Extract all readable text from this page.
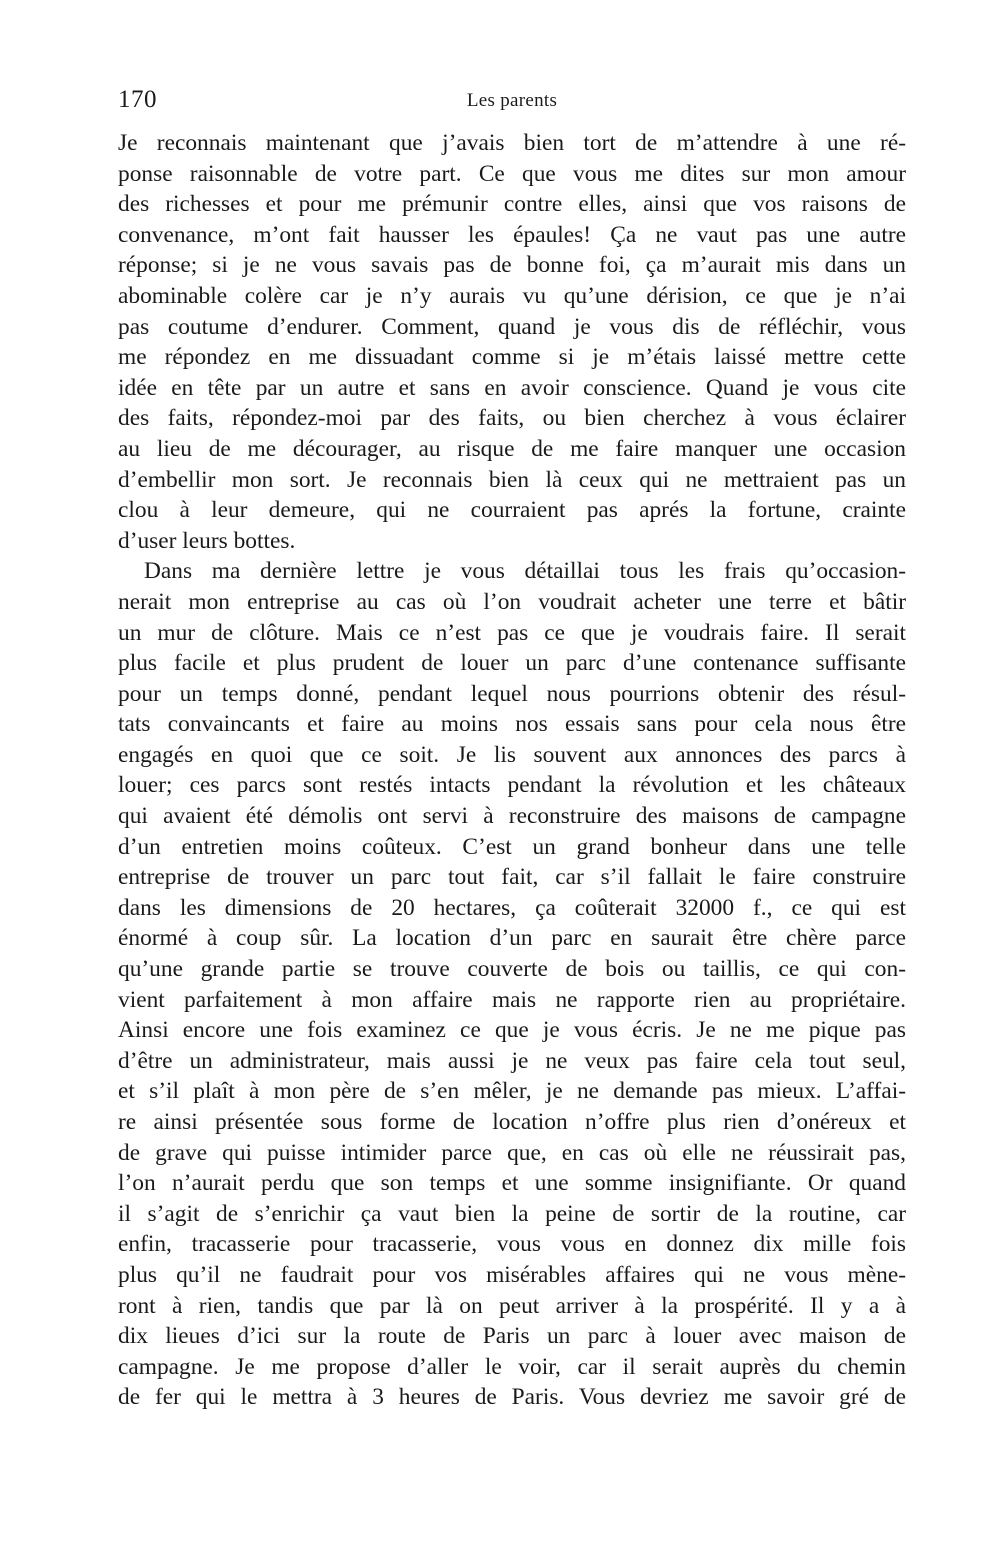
170	Les parents

Je reconnais maintenant que j’avais bien tort de m’attendre à une ré-
ponse raisonnable de votre part. Ce que vous me dites sur mon amour
des richesses et pour me prémunir contre elles, ainsi que vos raisons de
convenance, m’ont fait hausser les épaules! Ça ne vaut pas une autre
réponse; si je ne vous savais pas de bonne foi, ça m’aurait mis dans un
abominable colère car je n’y aurais vu qu’une dérision, ce que je n’ai
pas coutume d’endurer. Comment, quand je vous dis de réfléchir, vous
me répondez en me dissuadant comme si je m’étais laissé mettre cette
idée en tête par un autre et sans en avoir conscience. Quand je vous cite
des faits, répondez-moi par des faits, ou bien cherchez à vous éclairer
au lieu de me décourager, au risque de me faire manquer une occasion
d’embellir mon sort. Je reconnais bien là ceux qui ne mettraient pas un
clou à leur demeure, qui ne courraient pas aprés la fortune, crainte
d’user leurs bottes.

Dans ma dernière lettre je vous détaillai tous les frais qu’occasion-
nerait mon entreprise au cas où l’on voudrait acheter une terre et bâtir
un mur de clôture. Mais ce n’est pas ce que je voudrais faire. Il serait
plus facile et plus prudent de louer un parc d’une contenance suffisante
pour un temps donné, pendant lequel nous pourrions obtenir des résul-
tats convaincants et faire au moins nos essais sans pour cela nous être
engagés en quoi que ce soit. Je lis souvent aux annonces des parcs à
louer; ces parcs sont restés intacts pendant la révolution et les châteaux
qui avaient été démolis ont servi à reconstruire des maisons de campagne
d’un entretien moins coûteux. C’est un grand bonheur dans une telle
entreprise de trouver un parc tout fait, car s’il fallait le faire construire
dans les dimensions de 20 hectares, ça coûterait 32000 f., ce qui est
énormé à coup sûr. La location d’un parc en saurait être chère parce
qu’une grande partie se trouve couverte de bois ou taillis, ce qui con-
vient parfaitement à mon affaire mais ne rapporte rien au propriétaire.
Ainsi encore une fois examinez ce que je vous écris. Je ne me pique pas
d’être un administrateur, mais aussi je ne veux pas faire cela tout seul,
et s’il plaît à mon père de s’en mêler, je ne demande pas mieux. L’affai-
re ainsi présentée sous forme de location n’offre plus rien d’onéreux et
de grave qui puisse intimider parce que, en cas où elle ne réussirait pas,
l’on n’aurait perdu que son temps et une somme insignifiante. Or quand
il s’agit de s’enrichir ça vaut bien la peine de sortir de la routine, car
enfin, tracasserie pour tracasserie, vous vous en donnez dix mille fois
plus qu’il ne faudrait pour vos misérables affaires qui ne vous mène-
ront à rien, tandis que par là on peut arriver à la prospérité. Il y a à
dix lieues d’ici sur la route de Paris un parc à louer avec maison de
campagne. Je me propose d’aller le voir, car il serait auprès du chemin
de fer qui le mettra à 3 heures de Paris. Vous devriez me savoir gré de
